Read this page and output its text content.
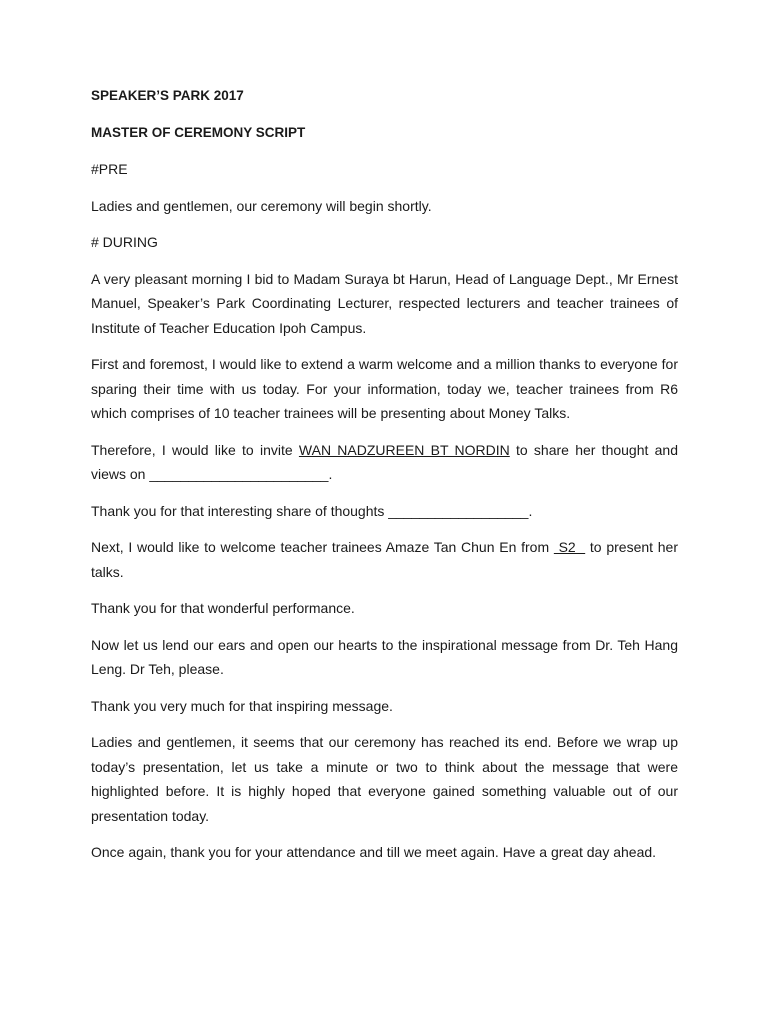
SPEAKER’S PARK 2017

MASTER OF CEREMONY SCRIPT

#PRE

Ladies and gentlemen, our ceremony will begin shortly.

# DURING

A very pleasant morning I bid to Madam Suraya bt Harun, Head of Language Dept., Mr Ernest Manuel, Speaker’s Park Coordinating Lecturer, respected lecturers and teacher trainees of Institute of Teacher Education Ipoh Campus.

First and foremost, I would like to extend a warm welcome and a million thanks to everyone for sparing their time with us today. For your information, today we, teacher trainees from R6 which comprises of 10 teacher trainees will be presenting about Money Talks.

Therefore, I would like to invite WAN NADZUREEN BT NORDIN to share her thought and views on _______________________.

Thank you for that interesting share of thoughts __________________.

Next, I would like to welcome teacher trainees Amaze Tan Chun En from  S2   to present her talks.

Thank you for that wonderful performance.

Now let us lend our ears and open our hearts to the inspirational message from Dr. Teh Hang Leng. Dr Teh, please.

Thank you very much for that inspiring message.

Ladies and gentlemen, it seems that our ceremony has reached its end. Before we wrap up today’s presentation, let us take a minute or two to think about the message that were highlighted before. It is highly hoped that everyone gained something valuable out of our presentation today.

Once again, thank you for your attendance and till we meet again. Have a great day ahead.
